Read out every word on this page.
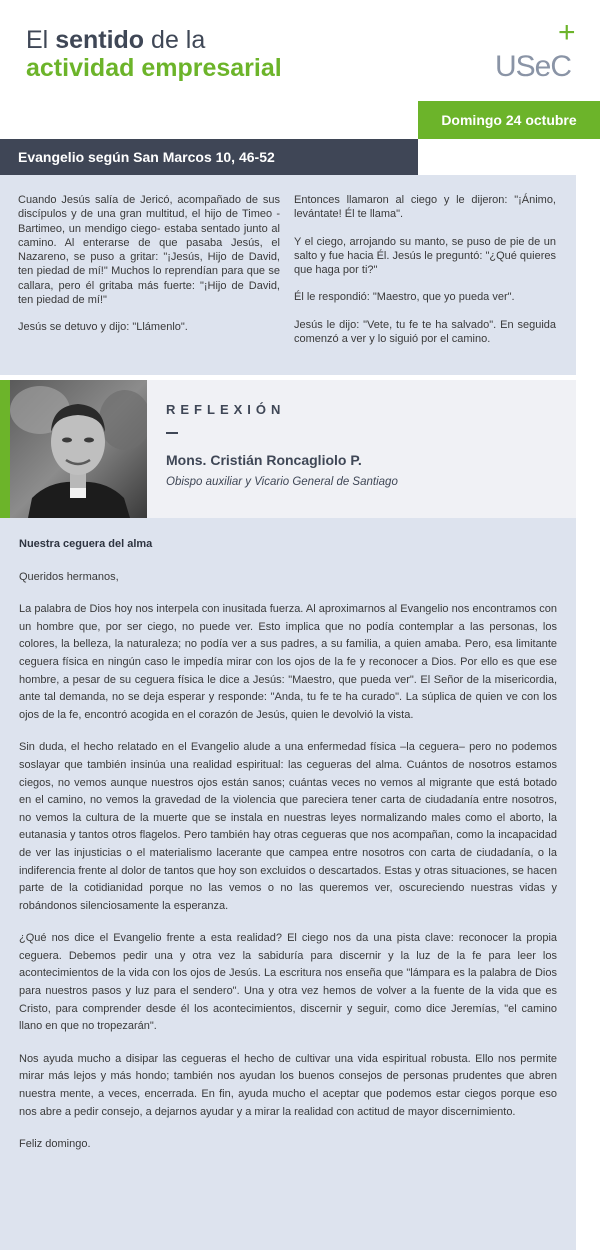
El sentido de la
actividad empresarial	USeC
+
Domingo 24 octubre
Evangelio según San Marcos 10, 46-52

Cuando Jesús salía de Jericó, acompañado de sus discípulos y de una gran multitud, el hijo de Timeo -Bartimeo, un mendigo ciego- estaba sentado junto al camino. Al enterarse de que pasaba Jesús, el Nazareno, se puso a gritar: "¡Jesús, Hijo de David, ten piedad de mí!" Muchos lo reprendían para que se callara, pero él gritaba más fuerte: "¡Hijo de David, ten piedad de mí!"

Jesús se detuvo y dijo: "Llámenlo".

Entonces llamaron al ciego y le dijeron: "¡Ánimo, levántate! Él te llama".

Y el ciego, arrojando su manto, se puso de pie de un salto y fue hacia Él. Jesús le preguntó: "¿Qué quieres que haga por ti?"

Él le respondió: "Maestro, que yo pueda ver".

Jesús le dijo: "Vete, tu fe te ha salvado". En seguida comenzó a ver y lo siguió por el camino.

REFLEXIÓN
Mons. Cristián Roncagliolo P.
Obispo auxiliar y Vicario General de Santiago

Nuestra ceguera del alma

Queridos hermanos,

La palabra de Dios hoy nos interpela con inusitada fuerza. Al aproximarnos al Evangelio nos encontramos con un hombre que, por ser ciego, no puede ver. Esto implica que no podía contemplar a las personas, los colores, la belleza, la naturaleza; no podía ver a sus padres, a su familia, a quien amaba. Pero, esa limitante ceguera física en ningún caso le impedía mirar con los ojos de la fe y reconocer a Dios. Por ello es que ese hombre, a pesar de su ceguera física le dice a Jesús: "Maestro, que pueda ver". El Señor de la misericordia, ante tal demanda, no se deja esperar y responde: "Anda, tu fe te ha curado". La súplica de quien ve con los ojos de la fe, encontró acogida en el corazón de Jesús, quien le devolvió la vista.

Sin duda, el hecho relatado en el Evangelio alude a una enfermedad física –la ceguera– pero no podemos soslayar que también insinúa una realidad espiritual: las cegueras del alma. Cuántos de nosotros estamos ciegos, no vemos aunque nuestros ojos están sanos; cuántas veces no vemos al migrante que está botado en el camino, no vemos la gravedad de la violencia que pareciera tener carta de ciudadanía entre nosotros, no vemos la cultura de la muerte que se instala en nuestras leyes normalizando males como el aborto, la eutanasia y tantos otros flagelos. Pero también hay otras cegueras que nos acompañan, como la incapacidad de ver las injusticias o el materialismo lacerante que campea entre nosotros con carta de ciudadanía, o la indiferencia frente al dolor de tantos que hoy son excluidos o descartados. Estas y otras situaciones, se hacen parte de la cotidianidad porque no las vemos o no las queremos ver, oscureciendo nuestras vidas y robándonos silenciosamente la esperanza.

¿Qué nos dice el Evangelio frente a esta realidad? El ciego nos da una pista clave: reconocer la propia ceguera. Debemos pedir una y otra vez la sabiduría para discernir y la luz de la fe para leer los acontecimientos de la vida con los ojos de Jesús. La escritura nos enseña que "lámpara es la palabra de Dios para nuestros pasos y luz para el sendero". Una y otra vez hemos de volver a la fuente de la vida que es Cristo, para comprender desde él los acontecimientos, discernir y seguir, como dice Jeremías, "el camino llano en que no tropezarán".

Nos ayuda mucho a disipar las cegueras el hecho de cultivar una vida espiritual robusta. Ello nos permite mirar más lejos y más hondo; también nos ayudan los buenos consejos de personas prudentes que abren nuestra mente, a veces, encerrada. En fin, ayuda mucho el aceptar que podemos estar ciegos porque eso nos abre a pedir consejo, a dejarnos ayudar y a mirar la realidad con actitud de mayor discernimiento.

Feliz domingo.
